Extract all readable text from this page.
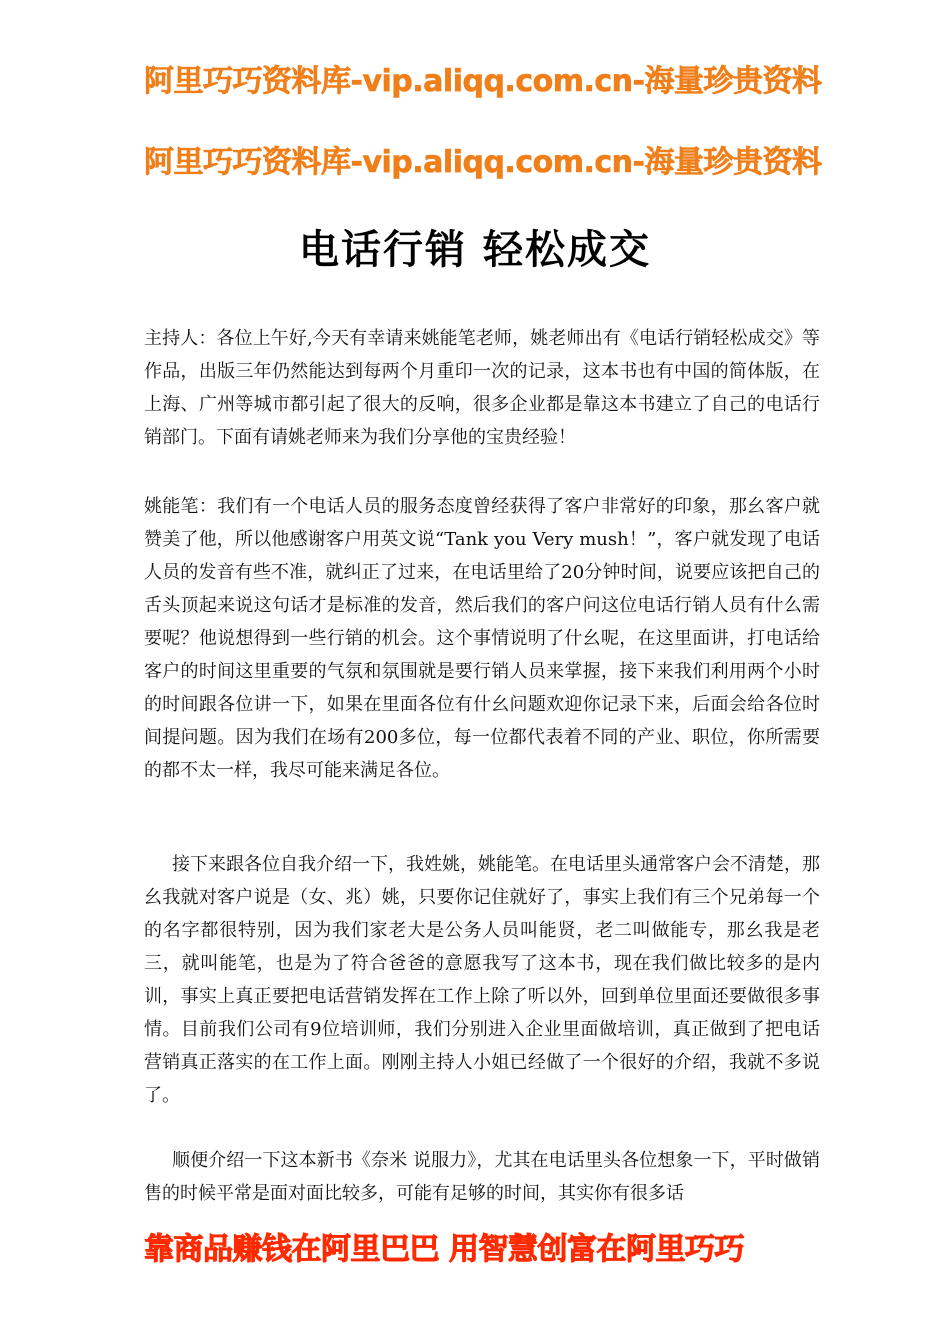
阿里巧巧资料库-vip.aliqq.com.cn-海量珍贵资料
阿里巧巧资料库-vip.aliqq.com.cn-海量珍贵资料
电话行销 轻松成交

主持人：各位上午好,今天有幸请来姚能笔老师，姚老师出有《电话行销轻松成交》等作品，出版三年仍然能达到每两个月重印一次的记录，这本书也有中国的简体版，在上海、广州等城市都引起了很大的反响，很多企业都是靠这本书建立了自己的电话行销部门。下面有请姚老师来为我们分享他的宝贵经验！

姚能笔：我们有一个电话人员的服务态度曾经获得了客户非常好的印象，那幺客户就赞美了他，所以他感谢客户用英文说“Tank you Very mush！”，客户就发现了电话人员的发音有些不准，就纠正了过来，在电话里给了20分钟时间，说要应该把自己的舌头顶起来说这句话才是标准的发音，然后我们的客户问这位电话行销人员有什么需要呢？他说想得到一些行销的机会。这个事情说明了什幺呢，在这里面讲，打电话给客户的时间这里重要的气氛和氛围就是要行销人员来掌握，接下来我们利用两个小时的时间跟各位讲一下，如果在里面各位有什幺问题欢迎你记录下来，后面会给各位时间提问题。因为我们在场有200多位，每一位都代表着不同的产业、职位，你所需要的都不太一样，我尽可能来满足各位。

接下来跟各位自我介绍一下，我姓姚，姚能笔。在电话里头通常客户会不清楚，那幺我就对客户说是（女、兆）姚，只要你记住就好了，事实上我们有三个兄弟每一个的名字都很特别，因为我们家老大是公务人员叫能贤，老二叫做能专，那幺我是老三，就叫能笔，也是为了符合爸爸的意愿我写了这本书，现在我们做比较多的是内训，事实上真正要把电话营销发挥在工作上除了听以外，回到单位里面还要做很多事情。目前我们公司有9位培训师，我们分别进入企业里面做培训，真正做到了把电话营销真正落实的在工作上面。刚刚主持人小姐已经做了一个很好的介绍，我就不多说了。

顺便介绍一下这本新书《奈米 说服力》，尤其在电话里头各位想象一下，平时做销售的时候平常是面对面比较多，可能有足够的时间，其实你有很多话

靠商品赚钱在阿里巴巴 用智慧创富在阿里巧巧
